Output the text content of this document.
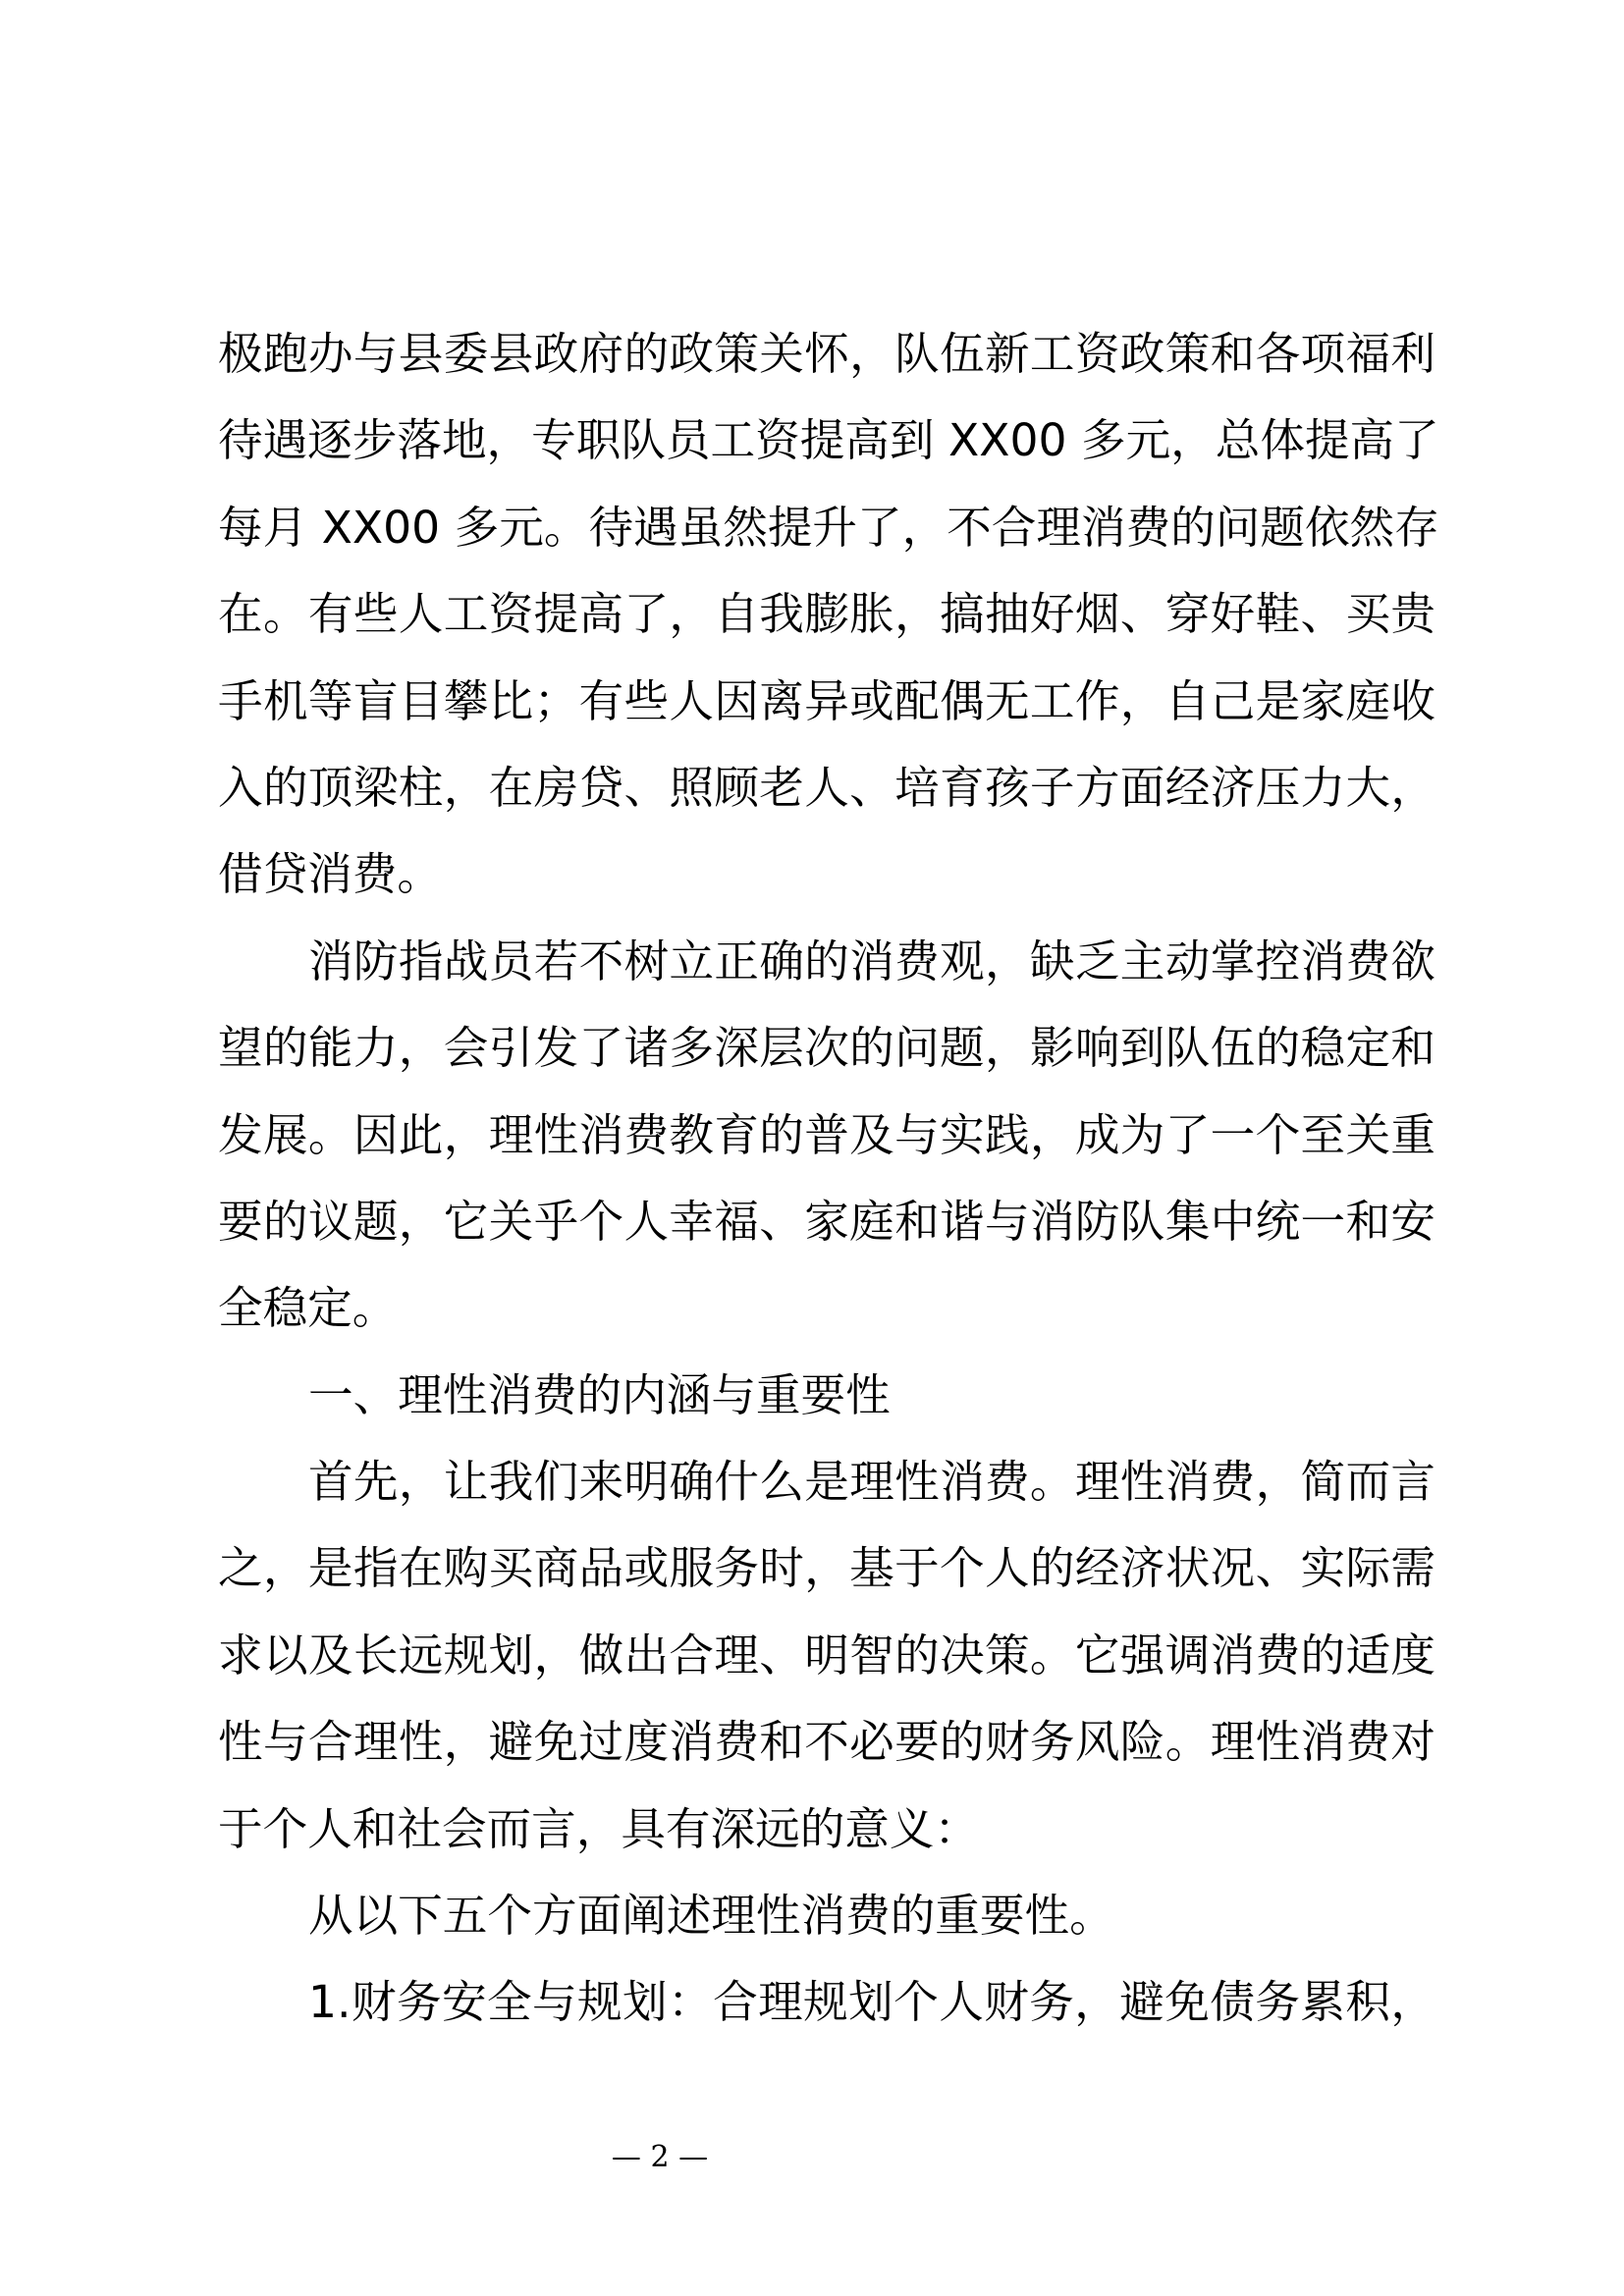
极跑办与县委县政府的政策关怀，队伍新工资政策和各项福利
待遇逐步落地，专职队员工资提高到 XX00 多元，总体提高了
每月 XX00 多元。待遇虽然提升了，不合理消费的问题依然存
在。有些人工资提高了，自我膨胀，搞抽好烟、穿好鞋、买贵
手机等盲目攀比；有些人因离异或配偶无工作，自己是家庭收
入的顶梁柱，在房贷、照顾老人、培育孩子方面经济压力大，
借贷消费。
消防指战员若不树立正确的消费观，缺乏主动掌控消费欲
望的能力，会引发了诸多深层次的问题，影响到队伍的稳定和
发展。因此，理性消费教育的普及与实践，成为了一个至关重
要的议题，它关乎个人幸福、家庭和谐与消防队集中统一和安
全稳定。
一、理性消费的内涵与重要性
首先，让我们来明确什么是理性消费。理性消费，简而言
之，是指在购买商品或服务时，基于个人的经济状况、实际需
求以及长远规划，做出合理、明智的决策。它强调消费的适度
性与合理性，避免过度消费和不必要的财务风险。理性消费对
于个人和社会而言，具有深远的意义：
从以下五个方面阐述理性消费的重要性。
1.财务安全与规划：合理规划个人财务，避免债务累积，
— 2 —
